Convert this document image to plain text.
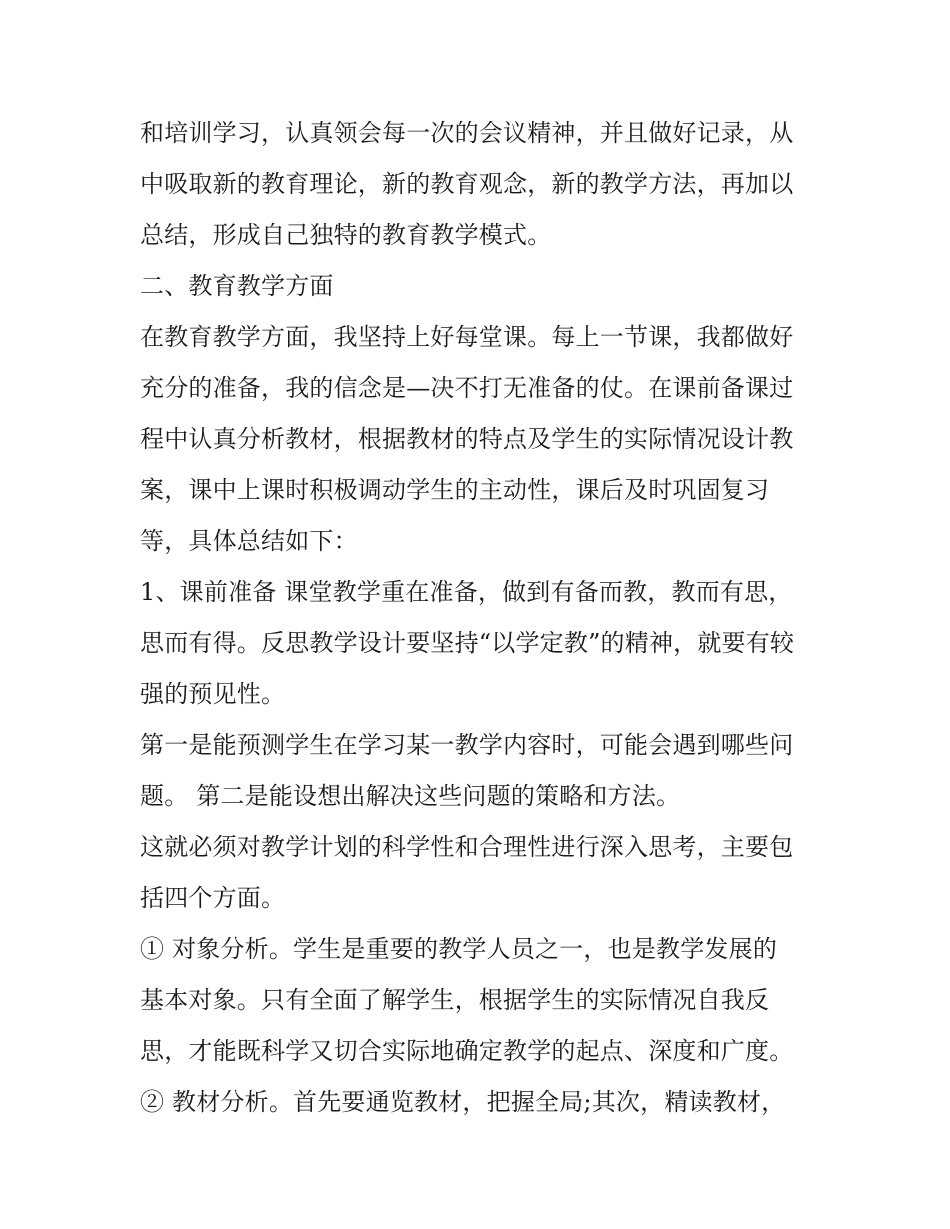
和培训学习，认真领会每一次的会议精神，并且做好记录，从
中吸取新的教育理论，新的教育观念，新的教学方法，再加以
总结，形成自己独特的教育教学模式。
二、教育教学方面
在教育教学方面，我坚持上好每堂课。每上一节课，我都做好
充分的准备，我的信念是—决不打无准备的仗。在课前备课过
程中认真分析教材，根据教材的特点及学生的实际情况设计教
案，课中上课时积极调动学生的主动性，课后及时巩固复习
等，具体总结如下：
1、课前准备 课堂教学重在准备，做到有备而教，教而有思，
思而有得。反思教学设计要坚持“以学定教”的精神，就要有较
强的预见性。
第一是能预测学生在学习某一教学内容时，可能会遇到哪些问
题。 第二是能设想出解决这些问题的策略和方法。
这就必须对教学计划的科学性和合理性进行深入思考，主要包
括四个方面。
① 对象分析。学生是重要的教学人员之一，也是教学发展的
基本对象。只有全面了解学生，根据学生的实际情况自我反
思，才能既科学又切合实际地确定教学的起点、深度和广度。
② 教材分析。首先要通览教材，把握全局;其次，精读教材，
